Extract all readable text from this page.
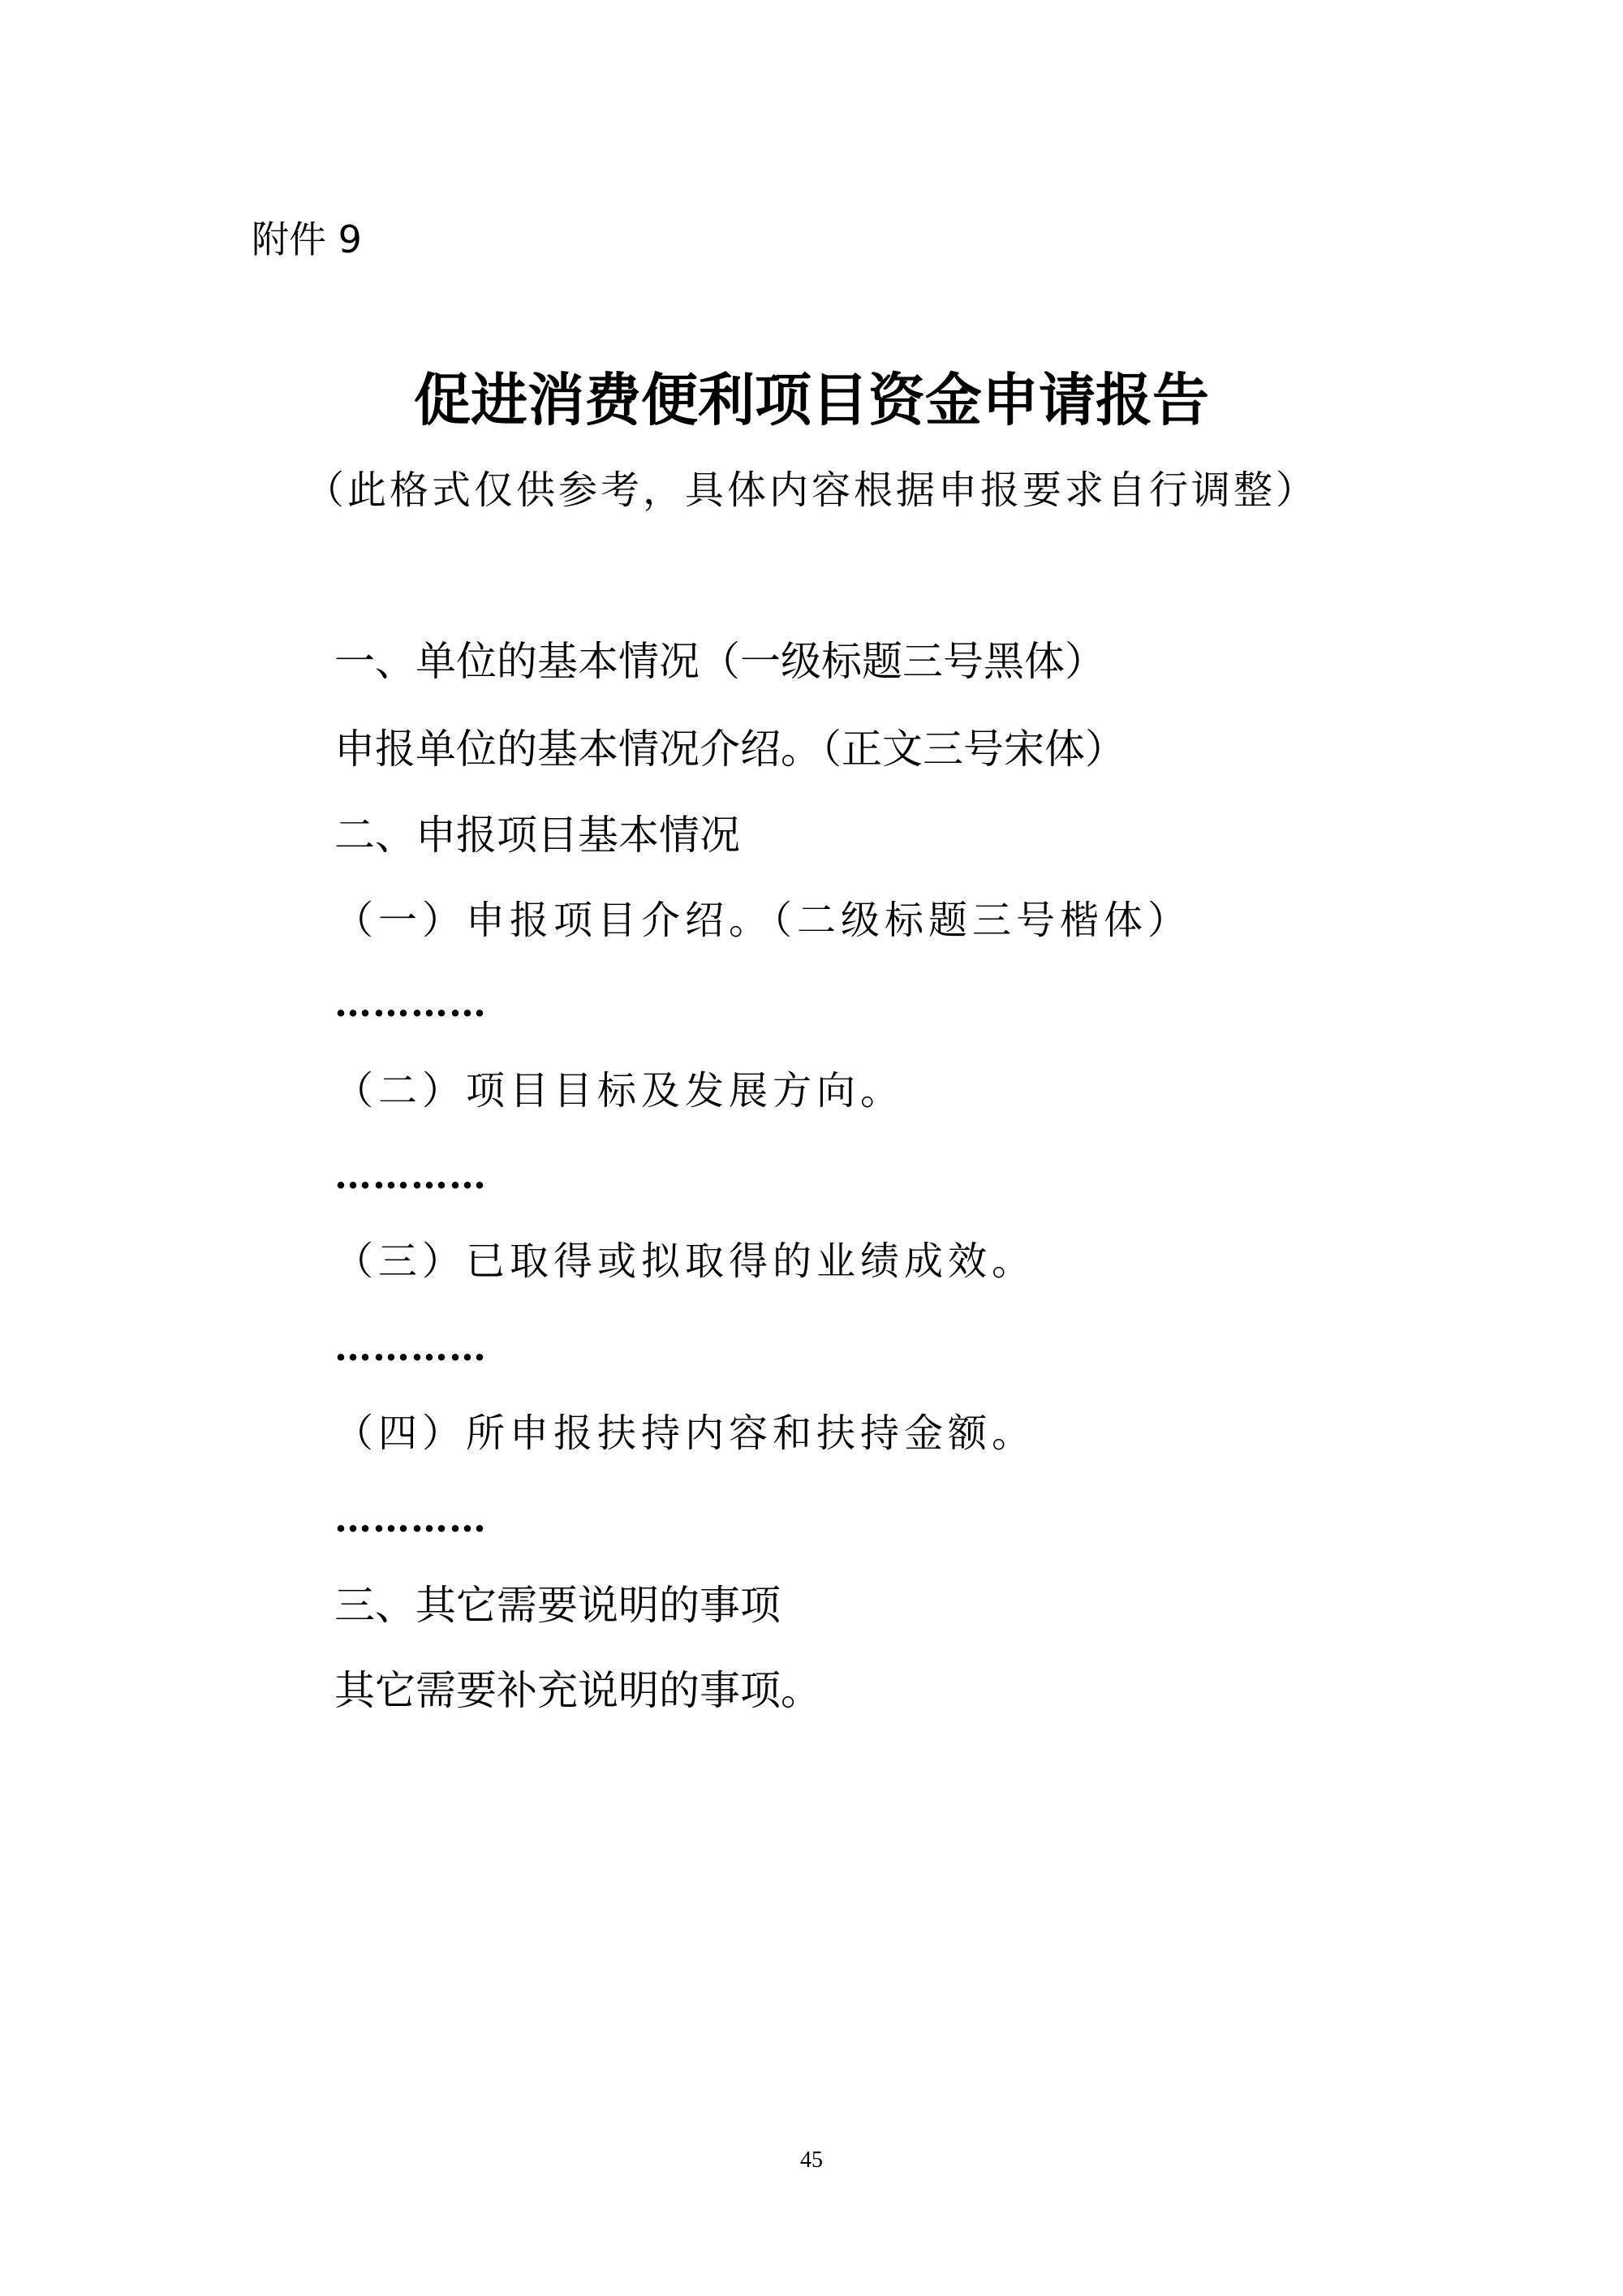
附件 9
促进消费便利项目资金申请报告
（此格式仅供参考，具体内容根据申报要求自行调整）
一、单位的基本情况（一级标题三号黑体）
申报单位的基本情况介绍。（正文三号宋体）
二、申报项目基本情况
（一）申报项目介绍。（二级标题三号楷体）
…………
（二）项目目标及发展方向。
…………
（三）已取得或拟取得的业绩成效。
…………
（四）所申报扶持内容和扶持金额。
…………
三、其它需要说明的事项
其它需要补充说明的事项。
45
